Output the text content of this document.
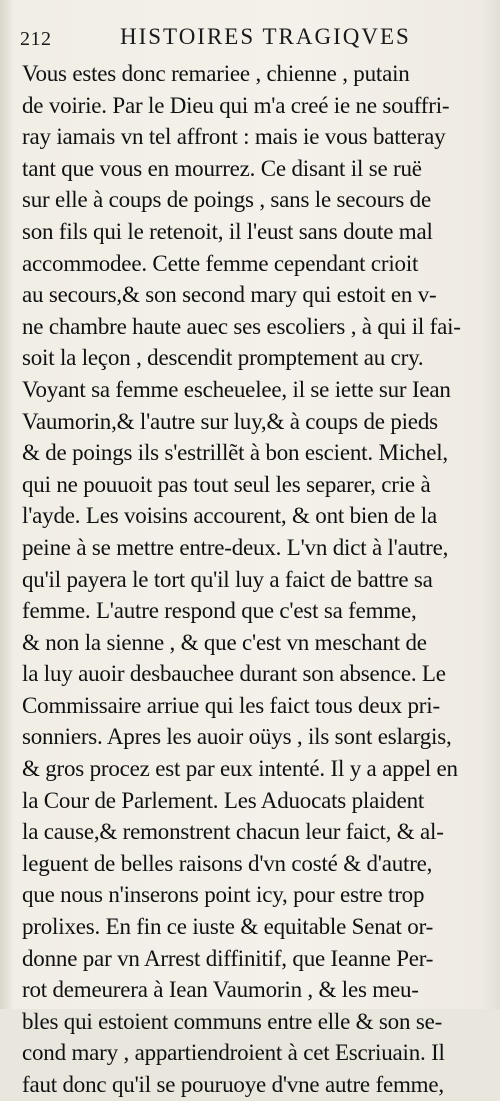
212	HISTOIRES TRAGIQVES
Vous estes donc remariee , chienne , putain
de voirie. Par le Dieu qui m'a creé ie ne souffri-
ray iamais vn tel affront : mais ie vous batteray
tant que vous en mourrez. Ce disant il se ruë
sur elle à coups de poings , sans le secours de
son fils qui le retenoit, il l'eust sans doute mal
accommodee. Cette femme cependant crioit
au secours,& son second mary qui estoit en v-
ne chambre haute auec ses escoliers , à qui il fai-
soit la leçon , descendit promptement au cry.
Voyant sa femme escheuelee, il se iette sur Iean
Vaumorin,& l'autre sur luy,& à coups de pieds
& de poings ils s'estrillẽt à bon escient. Michel,
qui ne pouuoit pas tout seul les separer, crie à
l'ayde. Les voisins accourent, & ont bien de la
peine à se mettre entre-deux. L'vn dict à l'autre,
qu'il payera le tort qu'il luy a faict de battre sa
femme. L'autre respond que c'est sa femme,
& non la sienne , & que c'est vn meschant de
la luy auoir desbauchee durant son absence. Le
Commissaire arriue qui les faict tous deux pri-
sonniers. Apres les auoir oüys , ils sont eslargis,
& gros procez est par eux intenté. Il y a appel en
la Cour de Parlement. Les Aduocats plaident
la cause,& remonstrent chacun leur faict, & al-
leguent de belles raisons d'vn costé & d'autre,
que nous n'inserons point icy, pour estre trop
prolixes. En fin ce iuste & equitable Senat or-
donne par vn Arrest diffinitif, que Ieanne Per-
rot demeurera à Iean Vaumorin , & les meu-
bles qui estoient communs entre elle & son se-
cond mary , appartiendroient à cet Escriuain. Il
faut donc qu'il se pouruoye d'vne autre femme,
